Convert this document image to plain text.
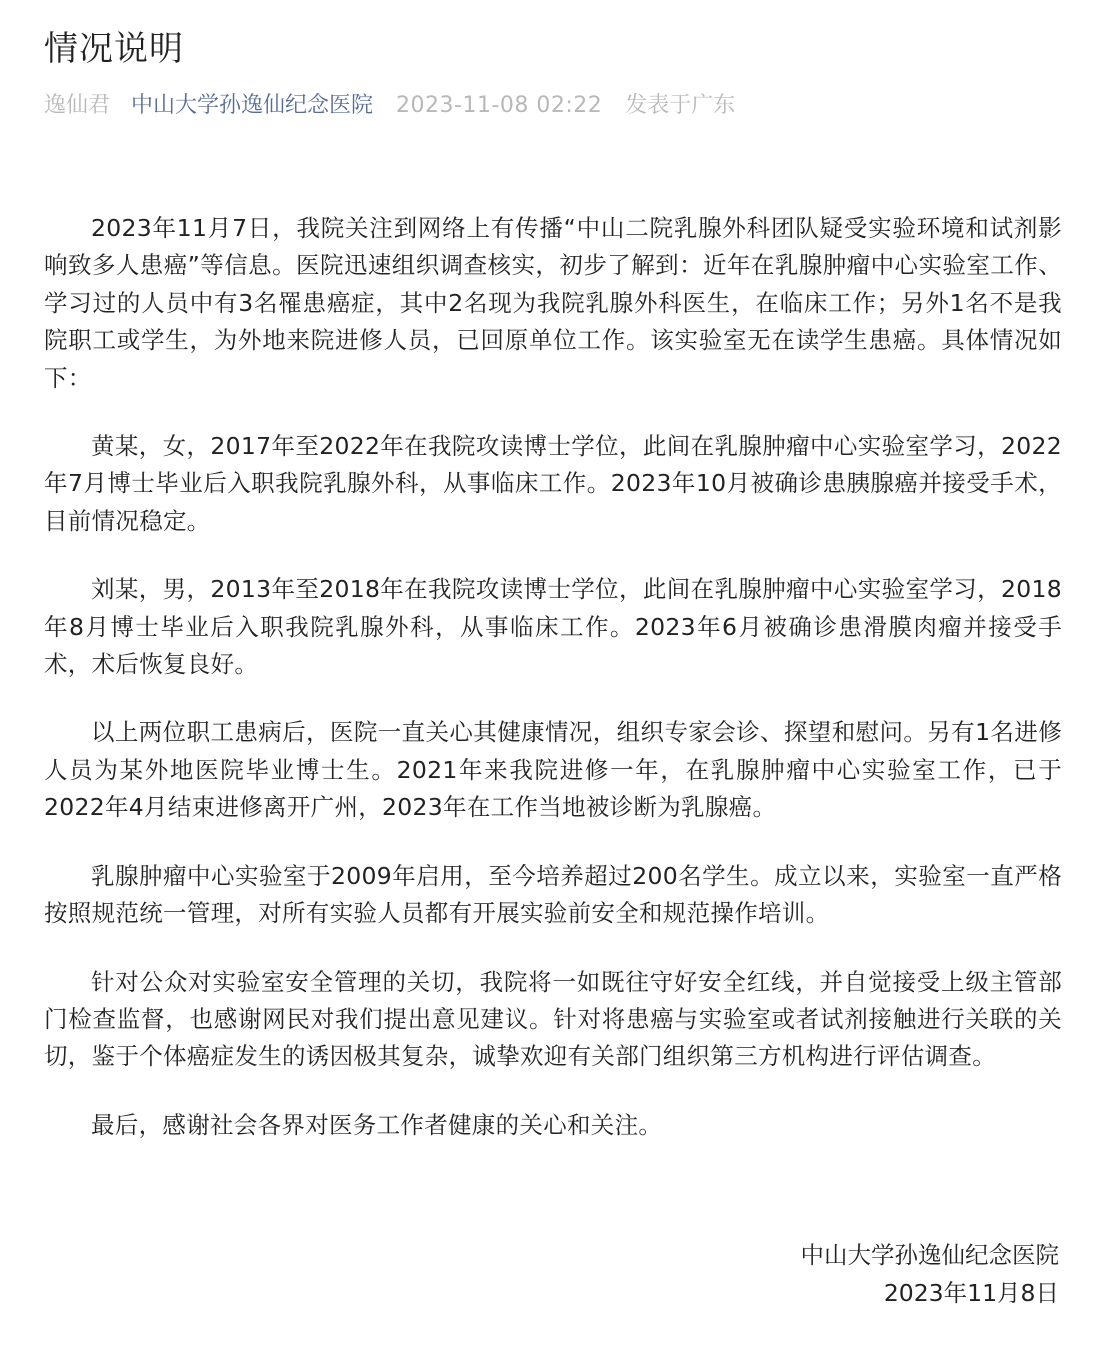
情况说明
逸仙君 中山大学孙逸仙纪念医院 2023-11-08 02:22 发表于广东

2023年11月7日，我院关注到网络上有传播“中山二院乳腺外科团队疑受实验环境和试剂影响致多人患癌”等信息。医院迅速组织调查核实，初步了解到：近年在乳腺肿瘤中心实验室工作、学习过的人员中有3名罹患癌症，其中2名现为我院乳腺外科医生，在临床工作；另外1名不是我院职工或学生，为外地来院进修人员，已回原单位工作。该实验室无在读学生患癌。具体情况如下：

黄某，女，2017年至2022年在我院攻读博士学位，此间在乳腺肿瘤中心实验室学习，2022年7月博士毕业后入职我院乳腺外科，从事临床工作。2023年10月被确诊患胰腺癌并接受手术，目前情况稳定。

刘某，男，2013年至2018年在我院攻读博士学位，此间在乳腺肿瘤中心实验室学习，2018年8月博士毕业后入职我院乳腺外科，从事临床工作。2023年6月被确诊患滑膜肉瘤并接受手术，术后恢复良好。

以上两位职工患病后，医院一直关心其健康情况，组织专家会诊、探望和慰问。另有1名进修人员为某外地医院毕业博士生。2021年来我院进修一年，在乳腺肿瘤中心实验室工作，已于2022年4月结束进修离开广州，2023年在工作当地被诊断为乳腺癌。

乳腺肿瘤中心实验室于2009年启用，至今培养超过200名学生。成立以来，实验室一直严格按照规范统一管理，对所有实验人员都有开展实验前安全和规范操作培训。

针对公众对实验室安全管理的关切，我院将一如既往守好安全红线，并自觉接受上级主管部门检查监督，也感谢网民对我们提出意见建议。针对将患癌与实验室或者试剂接触进行关联的关切，鉴于个体癌症发生的诱因极其复杂，诚挚欢迎有关部门组织第三方机构进行评估调查。

最后，感谢社会各界对医务工作者健康的关心和关注。

中山大学孙逸仙纪念医院
2023年11月8日
